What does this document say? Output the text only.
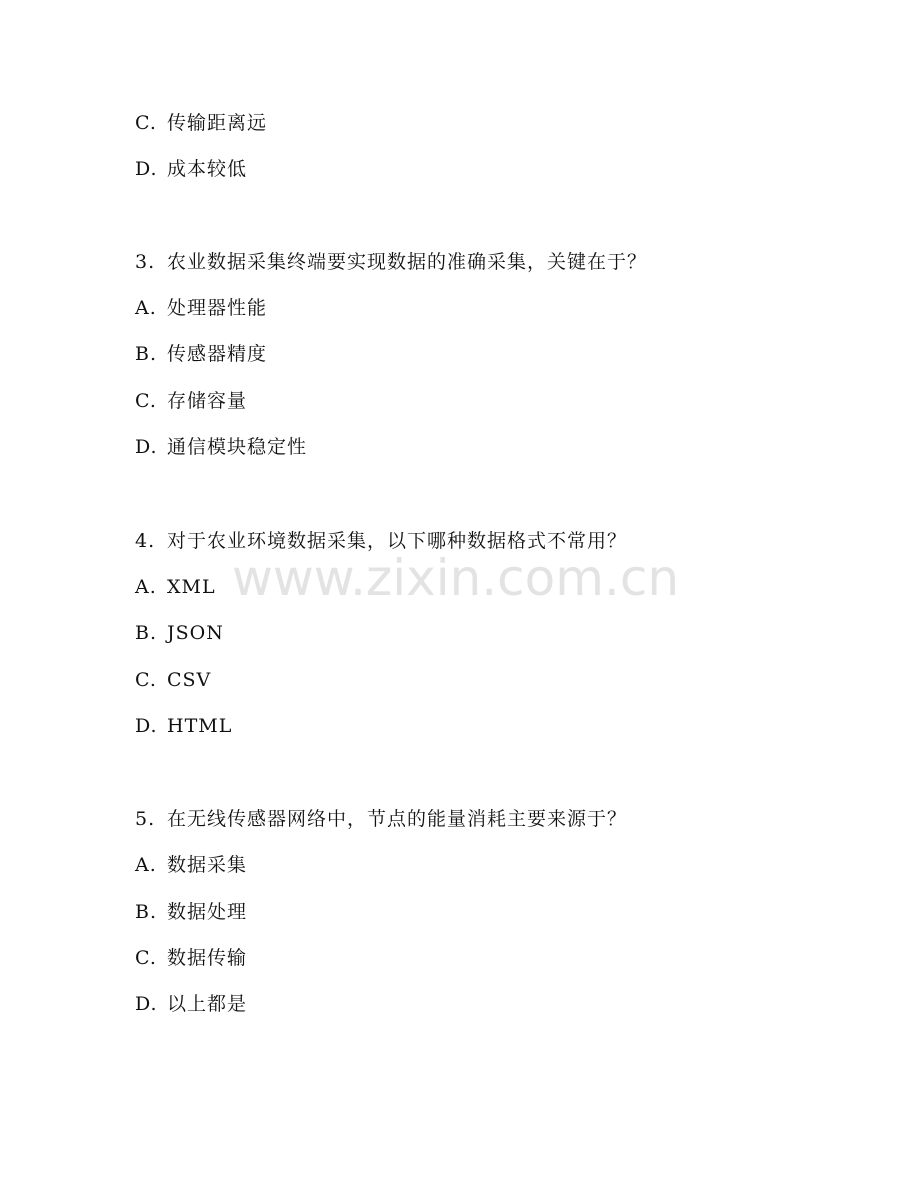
www.zixin.com.cn
C. 传输距离远
D. 成本较低
3. 农业数据采集终端要实现数据的准确采集，关键在于？
A. 处理器性能
B. 传感器精度
C. 存储容量
D. 通信模块稳定性
4. 对于农业环境数据采集，以下哪种数据格式不常用？
A. XML
B. JSON
C. CSV
D. HTML
5. 在无线传感器网络中，节点的能量消耗主要来源于？
A. 数据采集
B. 数据处理
C. 数据传输
D. 以上都是
